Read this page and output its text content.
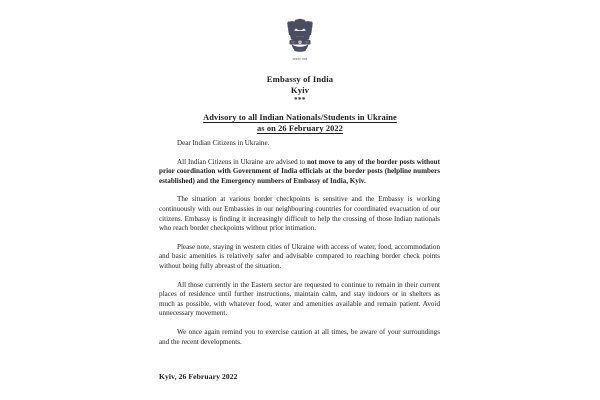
सत्यमेव जयते
Embassy of India
Kyiv
***
Advisory to all Indian Nationals/Students in Ukraine
as on 26 February 2022

Dear Indian Citizens in Ukraine.

All Indian Citizens in Ukraine are advised to not move to any of the border posts without prior coordination with Government of India officials at the border posts (helpline numbers established) and the Emergency numbers of Embassy of India, Kyiv.

The situation at various border checkpoints is sensitive and the Embassy is working continuously with our Embassies in our neighbouring countries for coordinated evacuation of our citizens. Embassy is finding it increasingly difficult to help the crossing of those Indian nationals who reach border checkpoints without prior intimation.

Please note, staying in western cities of Ukraine with access of water, food, accommodation and basic amenities is relatively safer and advisable compared to reaching border check points without being fully abreast of the situation.

All those currently in the Eastern sector are requested to continue to remain in their current places of residence until further instructions, maintain calm, and stay indoors or in shelters as much as possible, with whatever food, water and amenities available and remain patient. Avoid unnecessary movement.

We once again remind you to exercise caution at all times, be aware of your surroundings and the recent developments.

Kyiv, 26 February 2022
